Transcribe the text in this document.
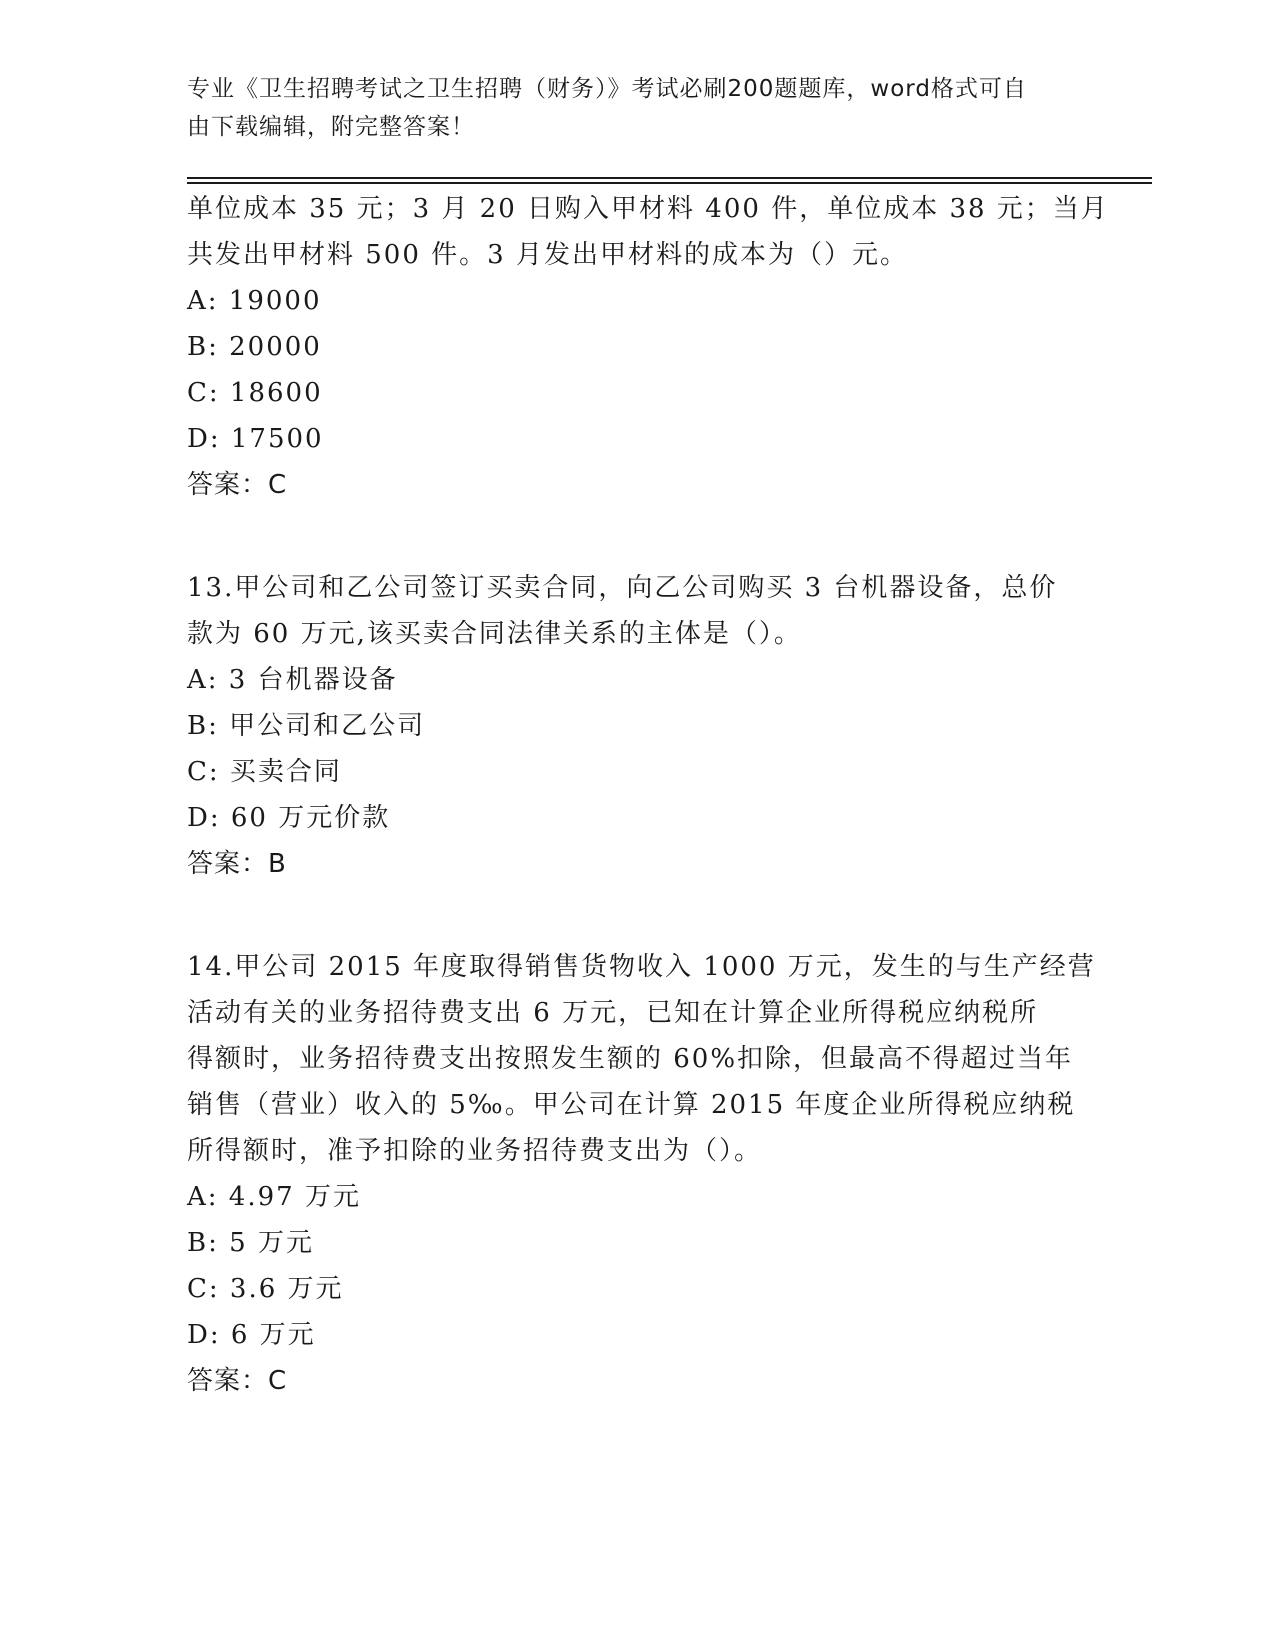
专业《卫生招聘考试之卫生招聘（财务）》考试必刷200题题库，word格式可自
由下载编辑，附完整答案！
单位成本 35 元；3 月 20 日购入甲材料 400 件，单位成本 38 元；当月
共发出甲材料 500 件。3 月发出甲材料的成本为（）元。
A: 19000
B: 20000
C: 18600
D: 17500
答案：C
13.甲公司和乙公司签订买卖合同，向乙公司购买 3 台机器设备，总价
款为 60 万元,该买卖合同法律关系的主体是（）。
A: 3 台机器设备
B: 甲公司和乙公司
C: 买卖合同
D: 60 万元价款
答案：B
14.甲公司 2015 年度取得销售货物收入 1000 万元，发生的与生产经营
活动有关的业务招待费支出 6 万元，已知在计算企业所得税应纳税所
得额时，业务招待费支出按照发生额的 60%扣除，但最高不得超过当年
销售（营业）收入的 5‰。甲公司在计算 2015 年度企业所得税应纳税
所得额时，准予扣除的业务招待费支出为（）。
A: 4.97 万元
B: 5 万元
C: 3.6 万元
D: 6 万元
答案：C
